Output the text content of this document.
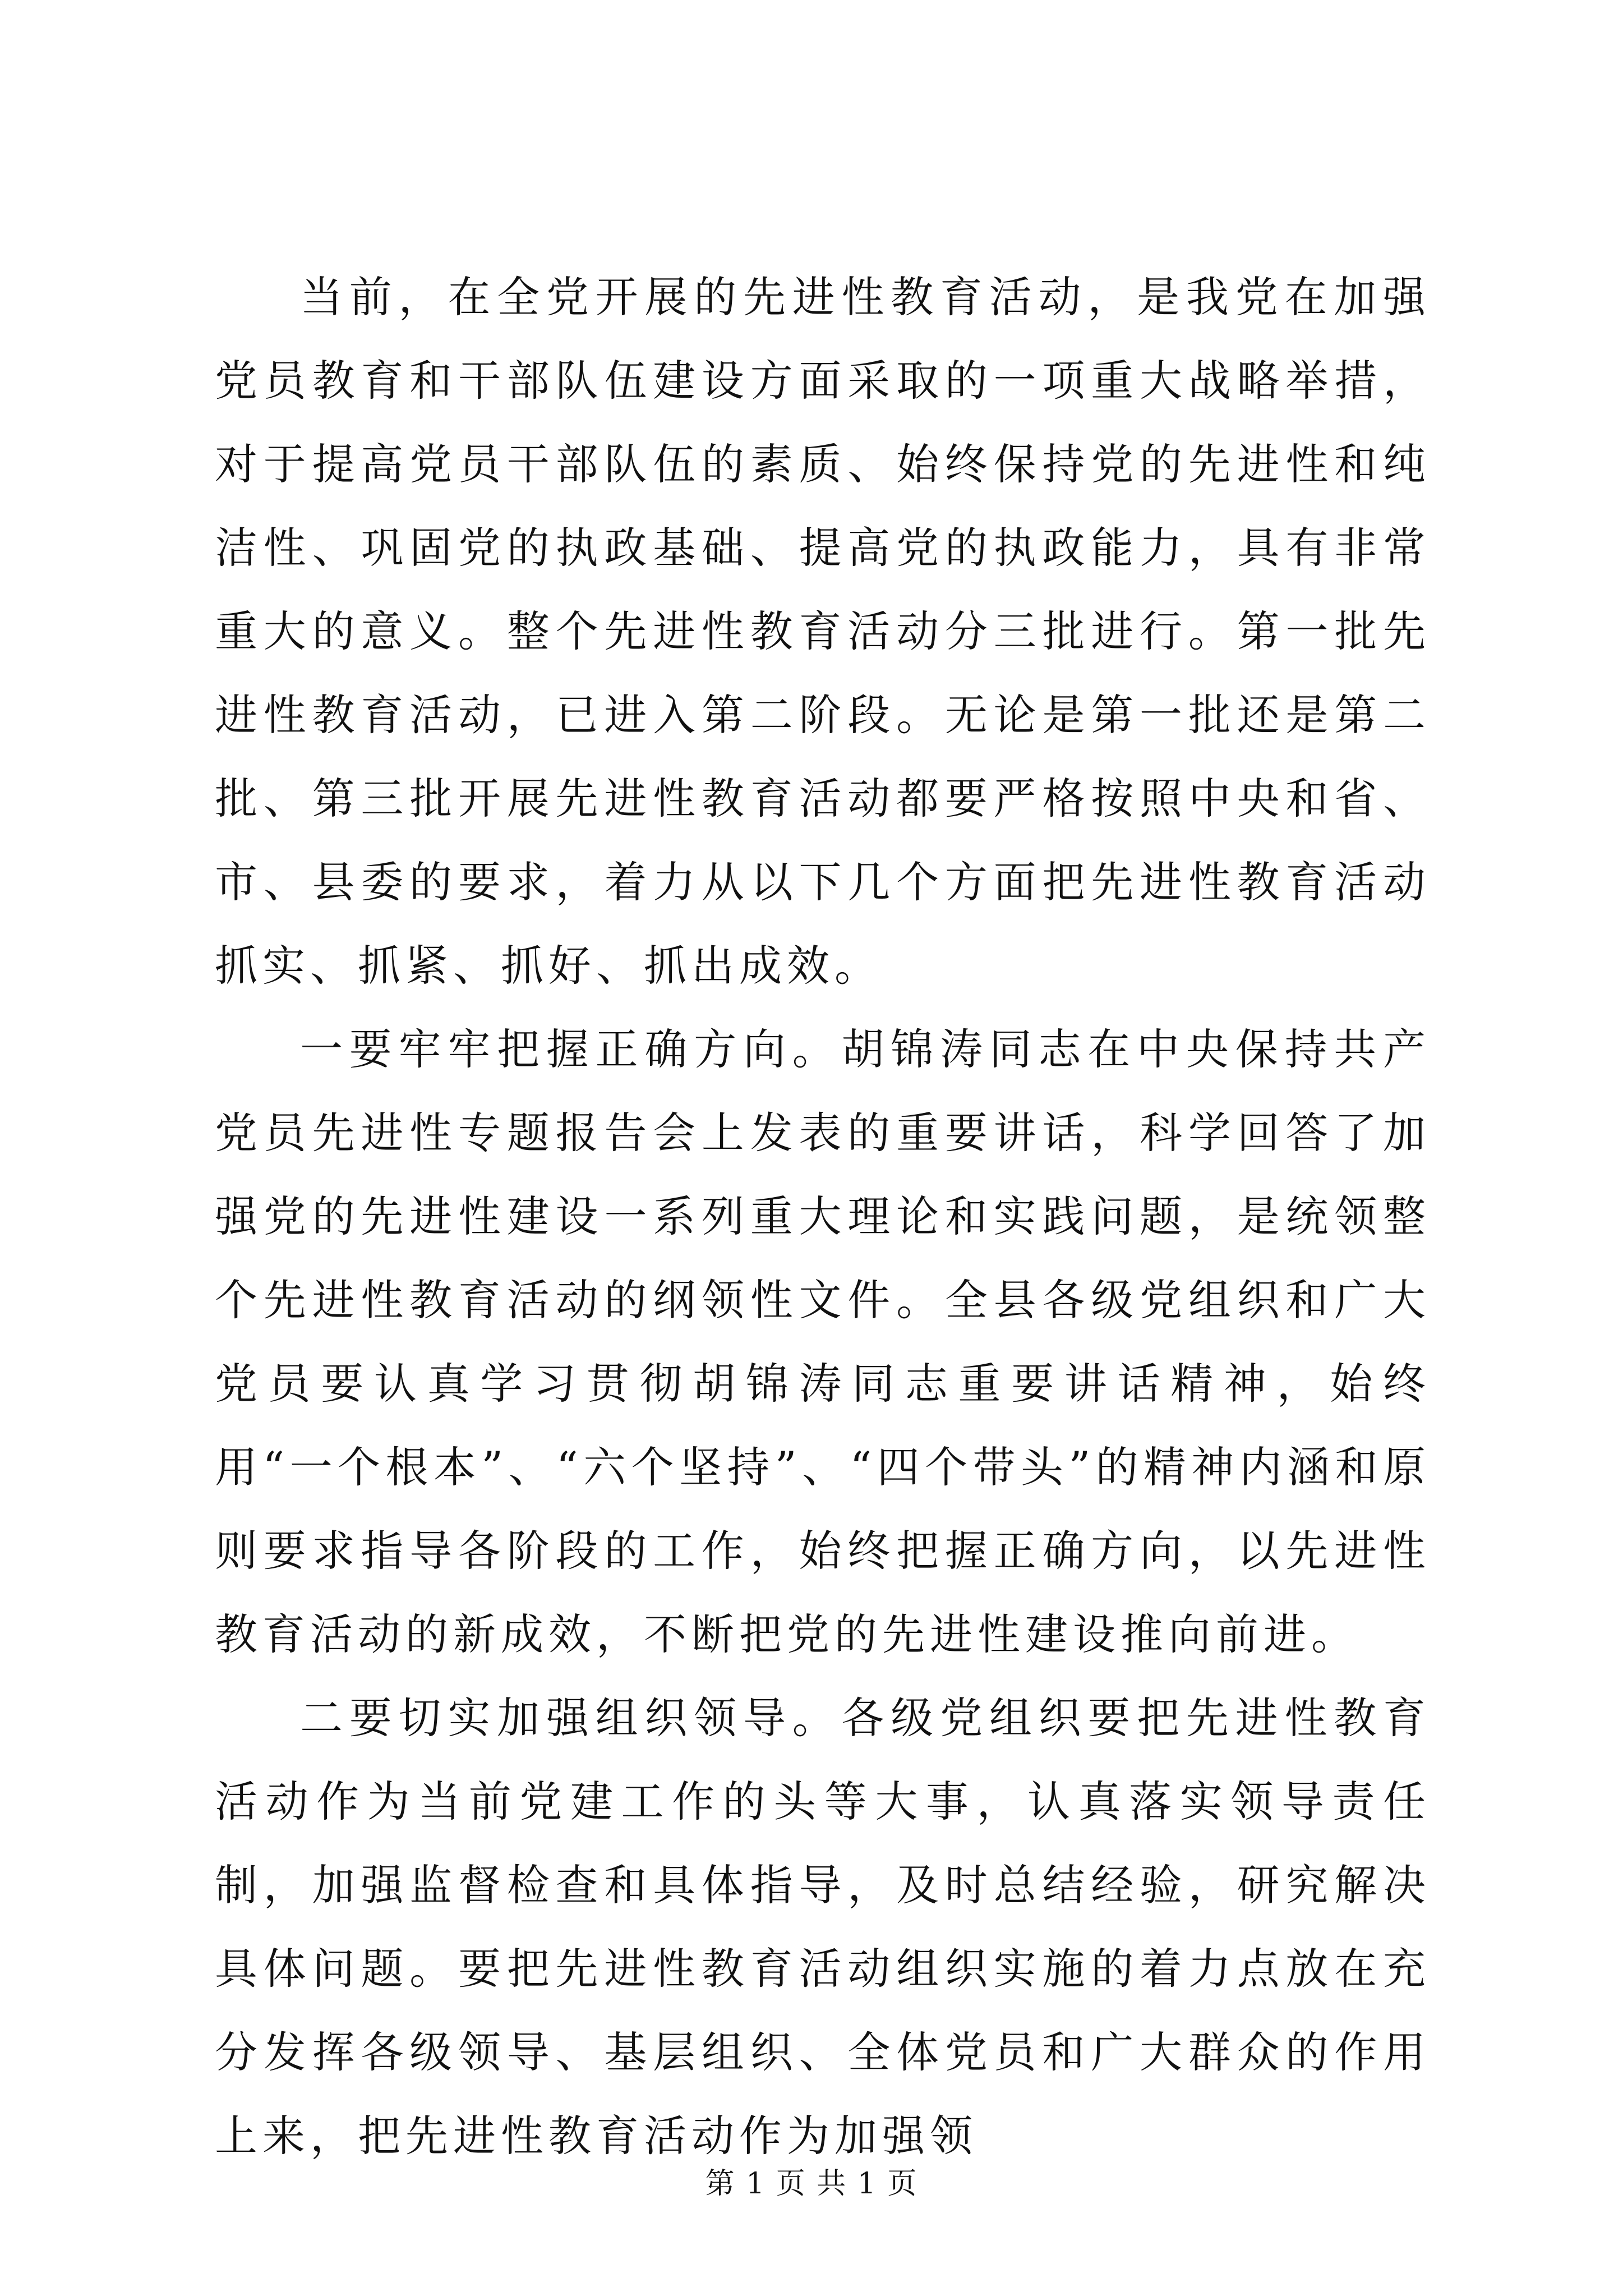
当前，在全党开展的先进性教育活动，是我党在加强党员教育和干部队伍建设方面采取的一项重大战略举措，对于提高党员干部队伍的素质、始终保持党的先进性和纯洁性、巩固党的执政基础、提高党的执政能力，具有非常重大的意义。整个先进性教育活动分三批进行。第一批先进性教育活动，已进入第二阶段。无论是第一批还是第二批、第三批开展先进性教育活动都要严格按照中央和省、市、县委的要求，着力从以下几个方面把先进性教育活动抓实、抓紧、抓好、抓出成效。

一要牢牢把握正确方向。胡锦涛同志在中央保持共产党员先进性专题报告会上发表的重要讲话，科学回答了加强党的先进性建设一系列重大理论和实践问题，是统领整个先进性教育活动的纲领性文件。全县各级党组织和广大党员要认真学习贯彻胡锦涛同志重要讲话精神，始终用“一个根本”、“六个坚持”、“四个带头”的精神内涵和原则要求指导各阶段的工作，始终把握正确方向，以先进性教育活动的新成效，不断把党的先进性建设推向前进。

二要切实加强组织领导。各级党组织要把先进性教育活动作为当前党建工作的头等大事，认真落实领导责任制，加强监督检查和具体指导，及时总结经验，研究解决具体问题。要把先进性教育活动组织实施的着力点放在充分发挥各级领导、基层组织、全体党员和广大群众的作用上来，把先进性教育活动作为加强领

第 1 页 共 1 页
